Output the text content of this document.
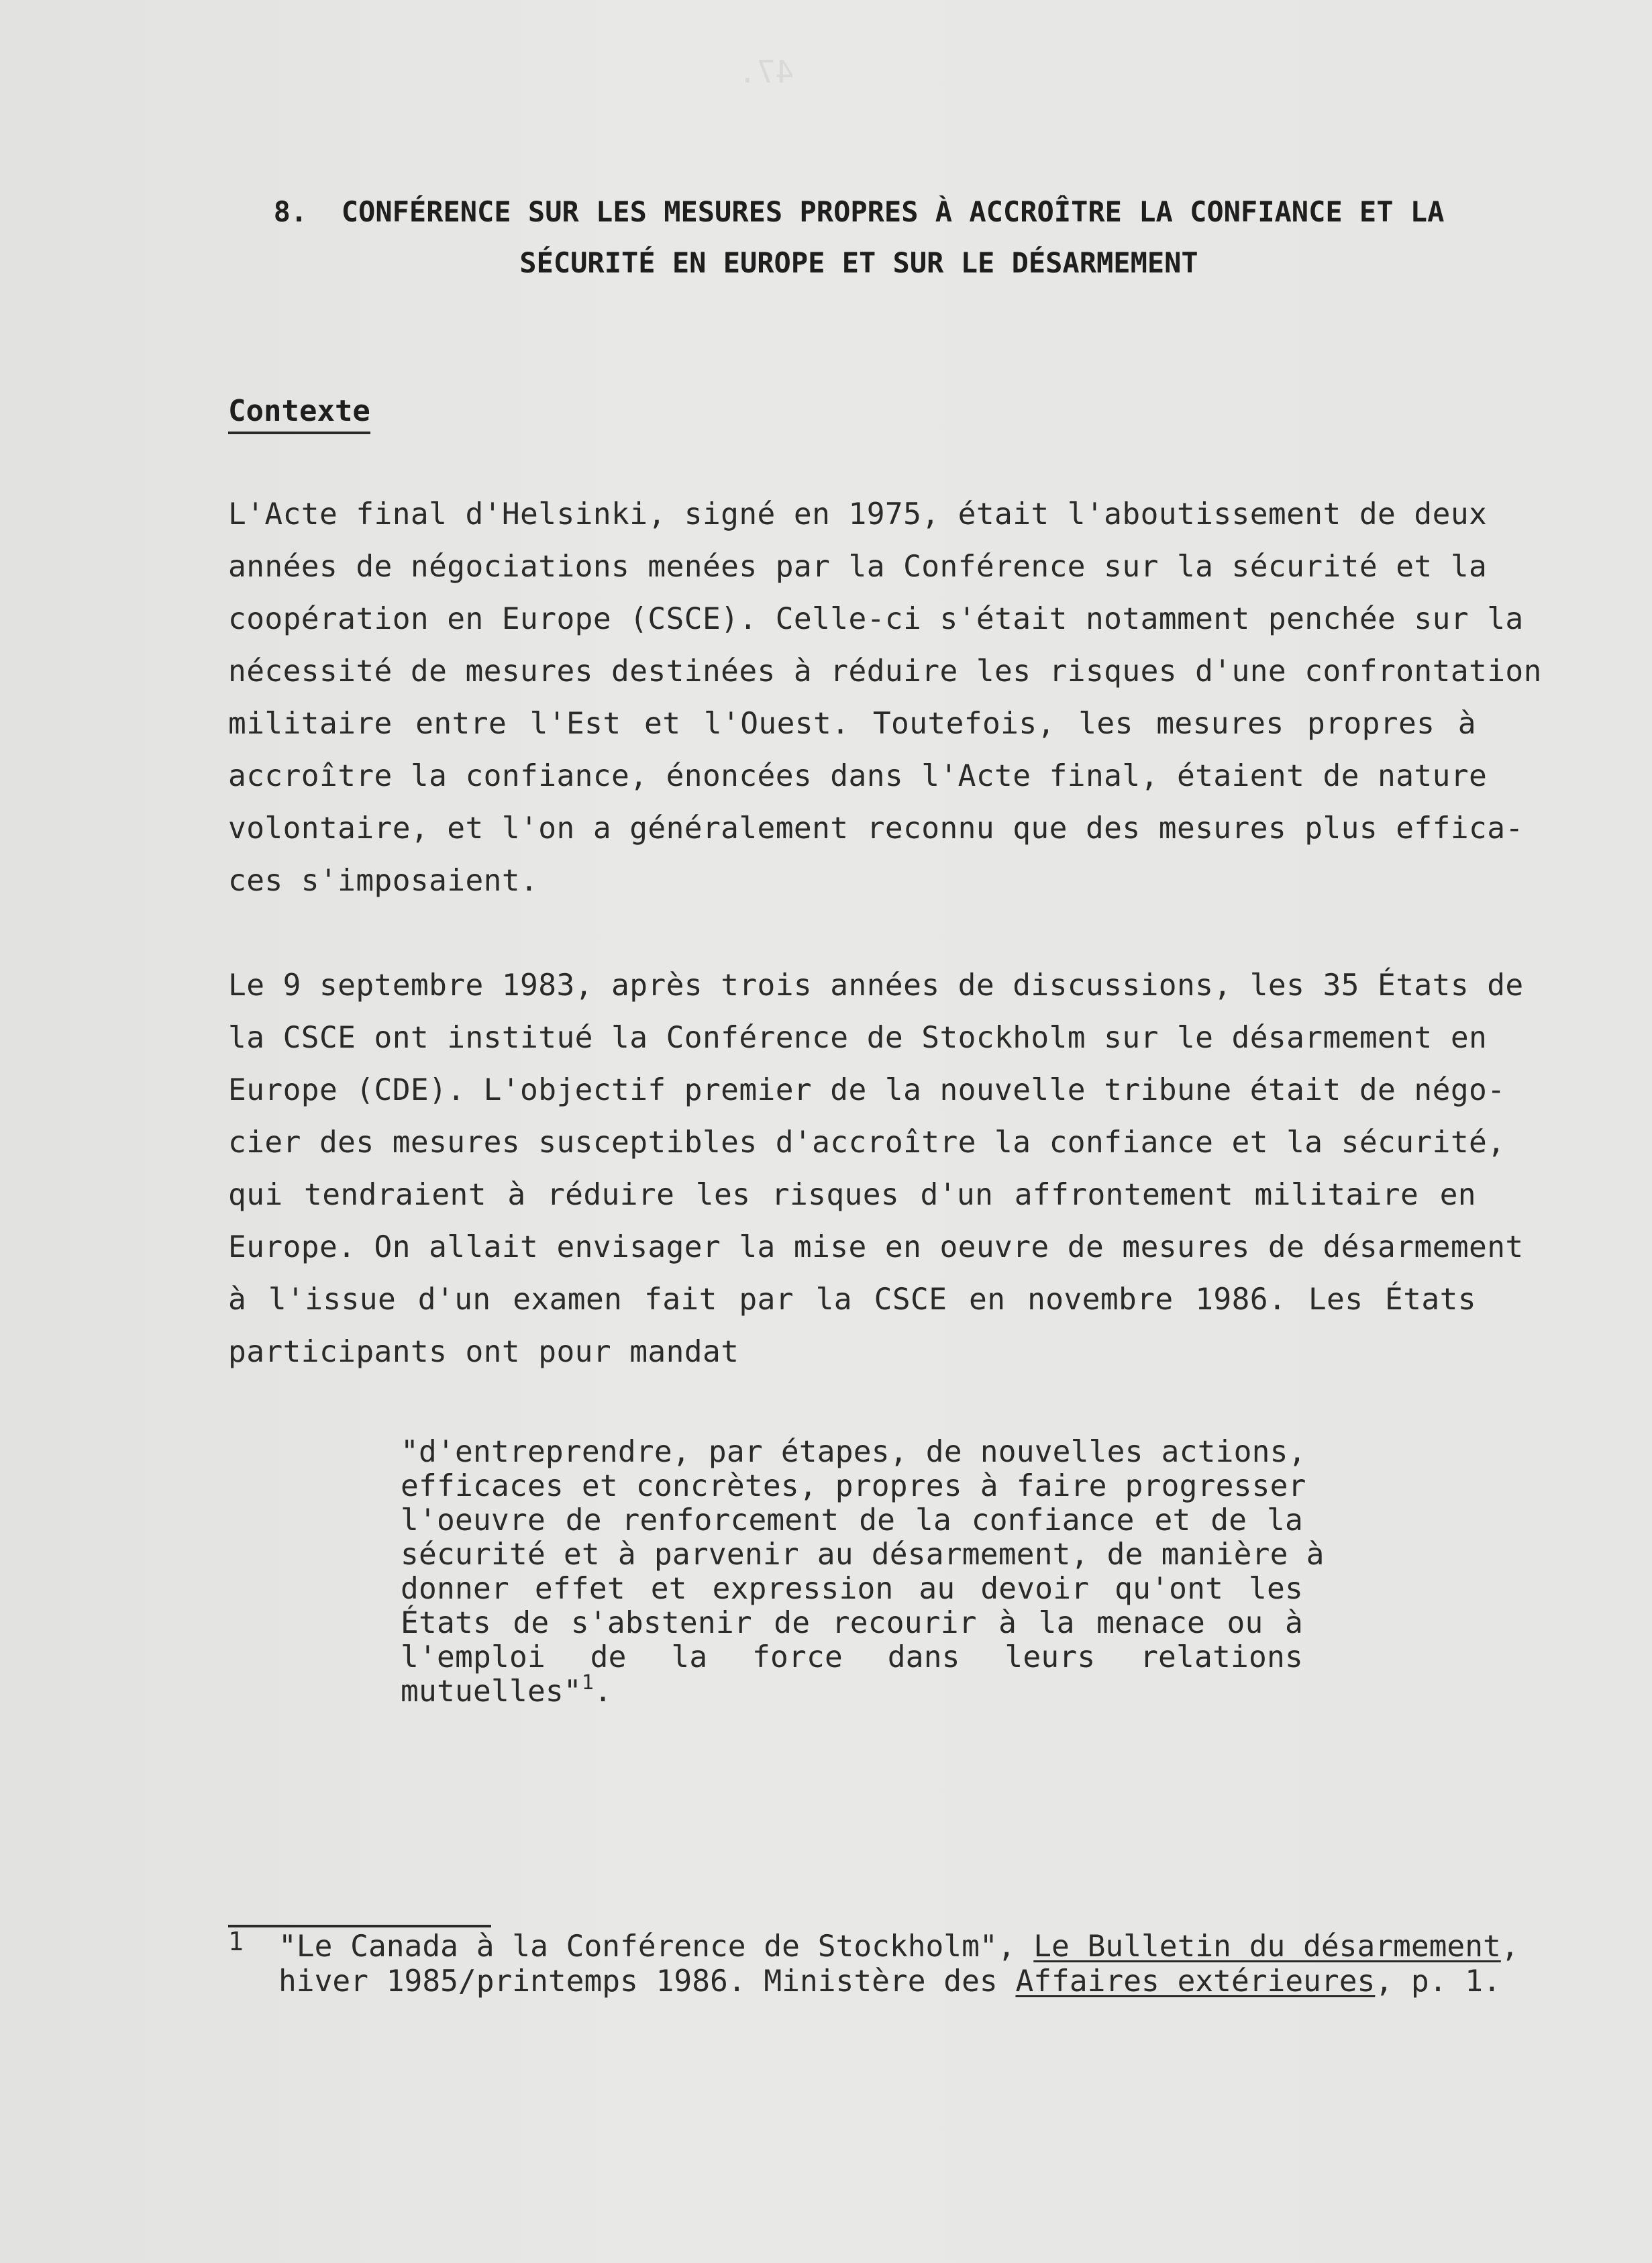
47.
8. CONFÉRENCE SUR LES MESURES PROPRES À ACCROÎTRE LA CONFIANCE ET LA
SÉCURITÉ EN EUROPE ET SUR LE DÉSARMEMENT
Contexte
L'Acte final d'Helsinki, signé en 1975, était l'aboutissement de deux
années de négociations menées par la Conférence sur la sécurité et la
coopération en Europe (CSCE). Celle-ci s'était notamment penchée sur la
nécessité de mesures destinées à réduire les risques d'une confrontation
militaire entre l'Est et l'Ouest. Toutefois, les mesures propres à
accroître la confiance, énoncées dans l'Acte final, étaient de nature
volontaire, et l'on a généralement reconnu que des mesures plus effica-
ces s'imposaient.
Le 9 septembre 1983, après trois années de discussions, les 35 États de
la CSCE ont institué la Conférence de Stockholm sur le désarmement en
Europe (CDE). L'objectif premier de la nouvelle tribune était de négo-
cier des mesures susceptibles d'accroître la confiance et la sécurité,
qui tendraient à réduire les risques d'un affrontement militaire en
Europe. On allait envisager la mise en oeuvre de mesures de désarmement
à l'issue d'un examen fait par la CSCE en novembre 1986. Les États
participants ont pour mandat
"d'entreprendre, par étapes, de nouvelles actions,
efficaces et concrètes, propres à faire progresser
l'oeuvre de renforcement de la confiance et de la
sécurité et à parvenir au désarmement, de manière à
donner effet et expression au devoir qu'ont les
États de s'abstenir de recourir à la menace ou à
l'emploi de la force dans leurs relations
mutuelles"$^1$.
1 "Le Canada à la Conférence de Stockholm", Le Bulletin du désarmement,
hiver 1985/printemps 1986. Ministère des Affaires extérieures, p. 1.
